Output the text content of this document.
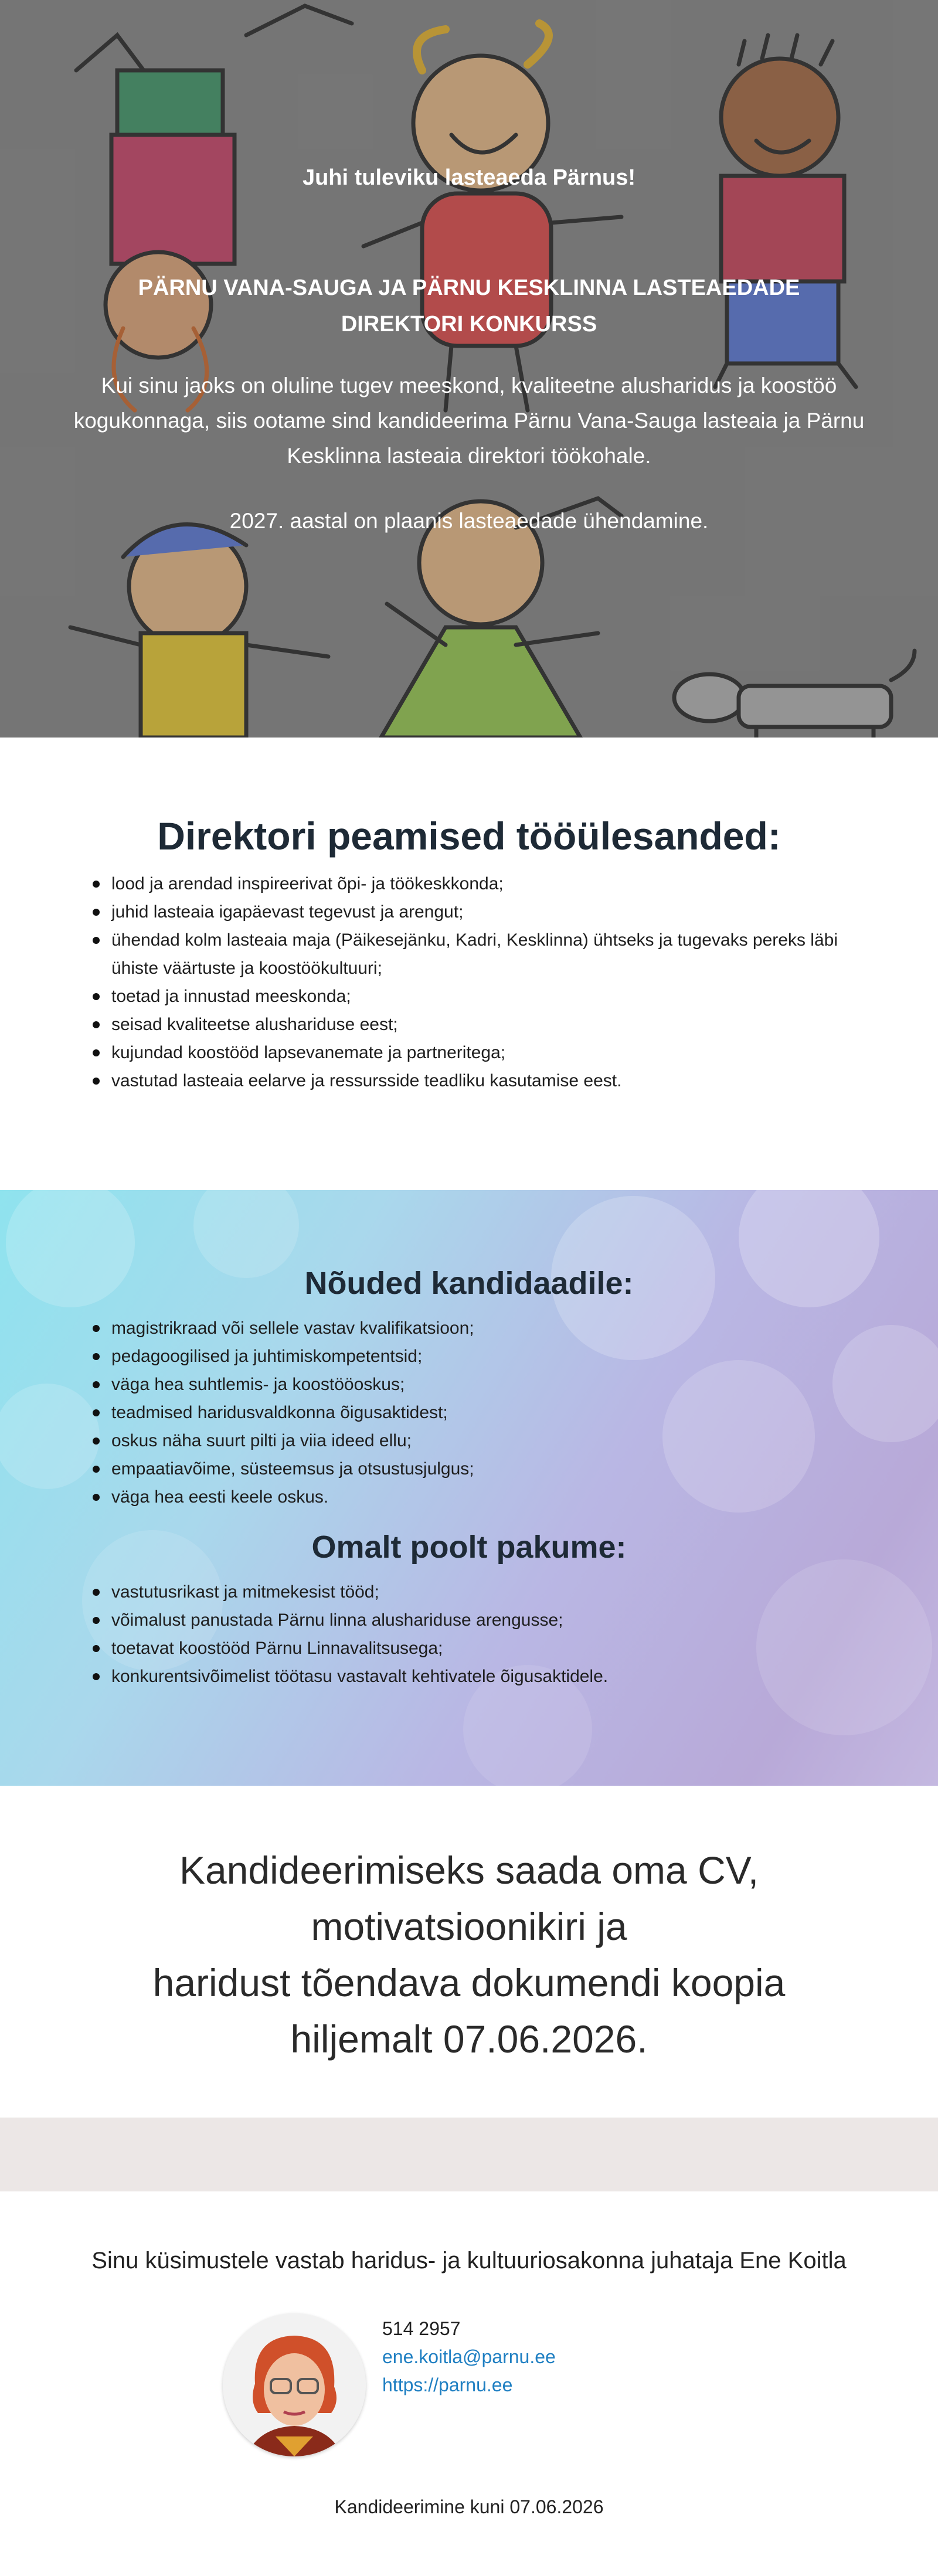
Juhi tuleviku lasteaeda Pärnus!
PÄRNU VANA-SAUGA JA PÄRNU KESKLINNA LASTEAEDADE DIREKTORI KONKURSS
Kui sinu jaoks on oluline tugev meeskond, kvaliteetne alusharidus ja koostöö kogukonnaga, siis ootame sind kandideerima Pärnu Vana-Sauga lasteaia ja Pärnu Kesklinna lasteaia direktori töökohale.
2027. aastal on plaanis lasteaedade ühendamine.
Direktori peamised tööülesanded:
lood ja arendad inspireerivat õpi- ja töökeskkonda;
juhid lasteaia igapäevast tegevust ja arengut;
ühendad kolm lasteaia maja (Päikesejänku, Kadri, Kesklinna) ühtseks ja tugevaks pereks läbi ühiste väärtuste ja koostöökultuuri;
toetad ja innustad meeskonda;
seisad kvaliteetse alushariduse eest;
kujundad koostööd lapsevanemate ja partneritega;
vastutad lasteaia eelarve ja ressursside teadliku kasutamise eest.
Nõuded kandidaadile:
magistrikraad või sellele vastav kvalifikatsioon;
pedagoogilised ja juhtimiskompetentsid;
väga hea suhtlemis- ja koostööoskus;
teadmised haridusvaldkonna õigusaktidest;
oskus näha suurt pilti ja viia ideed ellu;
empaatiavõime, süsteemsus ja otsustusjulgus;
väga hea eesti keele oskus.
Omalt poolt pakume:
vastutusrikast ja mitmekesist tööd;
võimalust panustada Pärnu linna alushariduse arengusse;
toetavat koostööd Pärnu Linnavalitsusega;
konkurentsivõimelist töötasu vastavalt kehtivatele õigusaktidele.
Kandideerimiseks saada oma CV,
motivatsioonikiri ja
haridust tõendava dokumendi koopia
hiljemalt 07.06.2026.
Sinu küsimustele vastab haridus- ja kultuuriosakonna juhataja Ene Koitla
514 2957
ene.koitla@parnu.ee
https://parnu.ee
Kandideerimine kuni 07.06.2026
